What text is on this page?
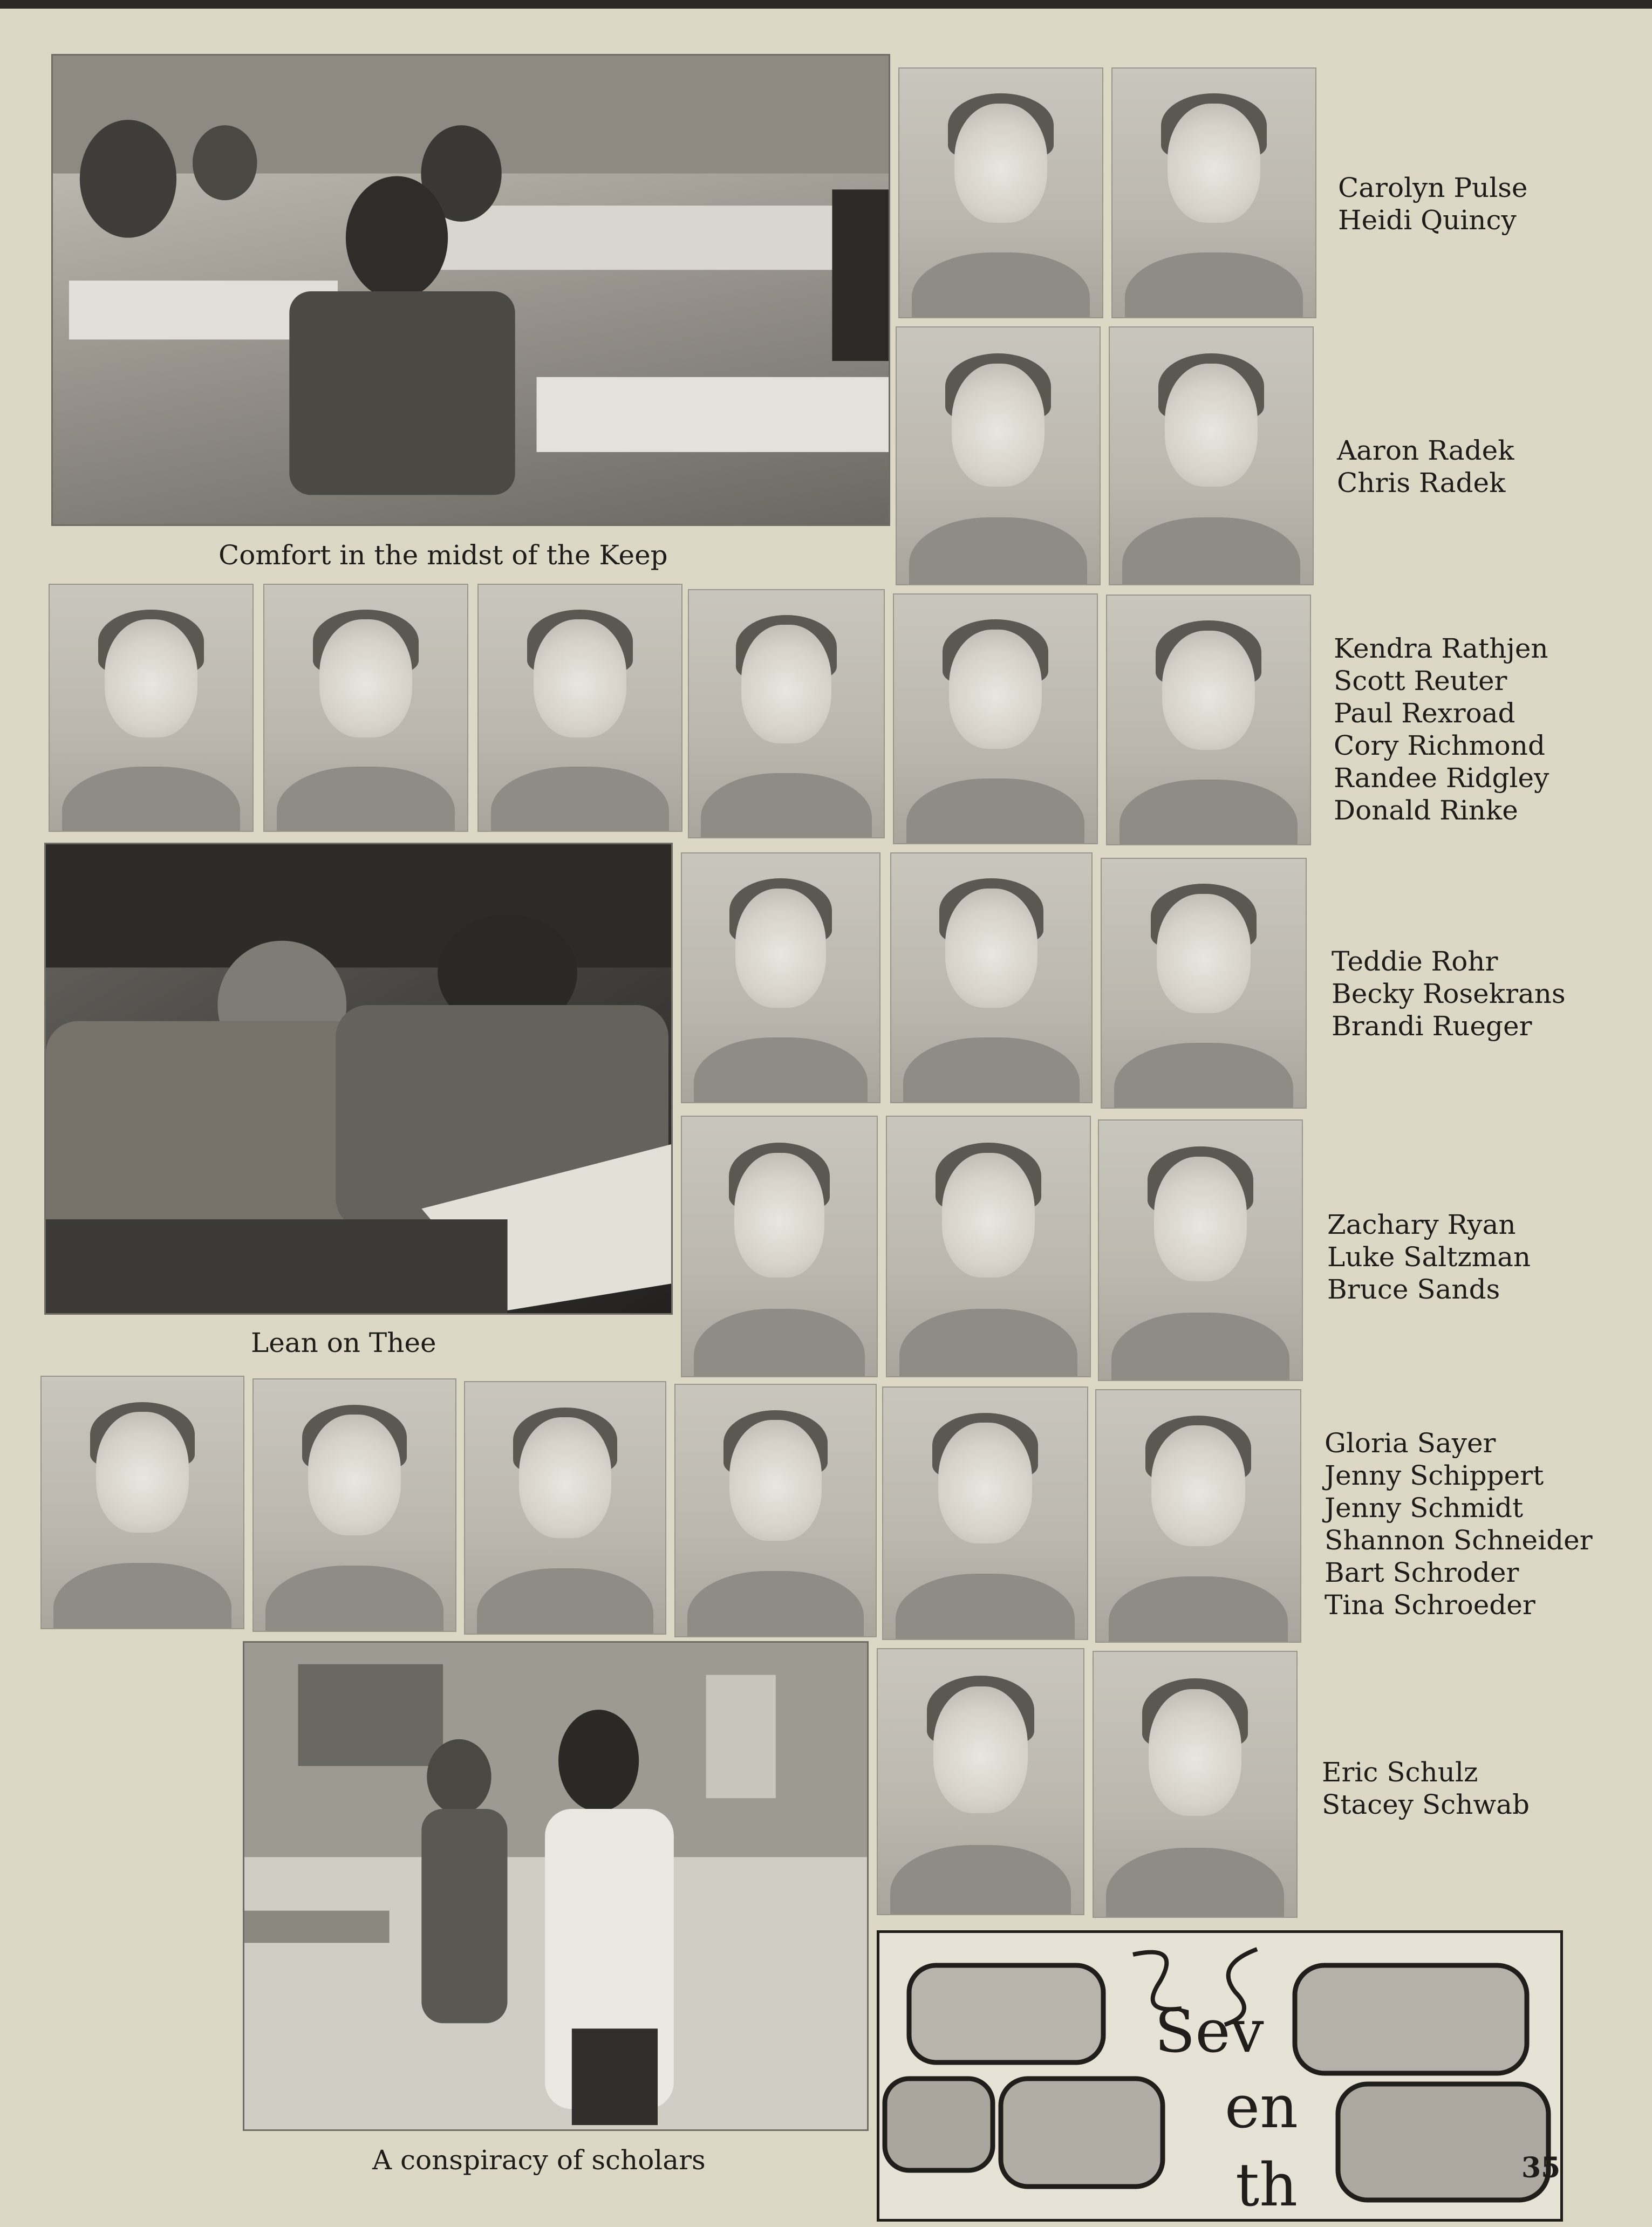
Comfort in the midst of the Keep
Carolyn Pulse
Heidi Quincy
Aaron Radek
Chris Radek
Kendra Rathjen
Scott Reuter
Paul Rexroad
Cory Richmond
Randee Ridgley
Donald Rinke
Lean on Thee
Teddie Rohr
Becky Rosekrans
Brandi Rueger
Zachary Ryan
Luke Saltzman
Bruce Sands
Gloria Sayer
Jenny Schippert
Jenny Schmidt
Shannon Schneider
Bart Schroder
Tina Schroeder
A conspiracy of scholars
Eric Schulz
Stacey Schwab
Sev
en
th	35
